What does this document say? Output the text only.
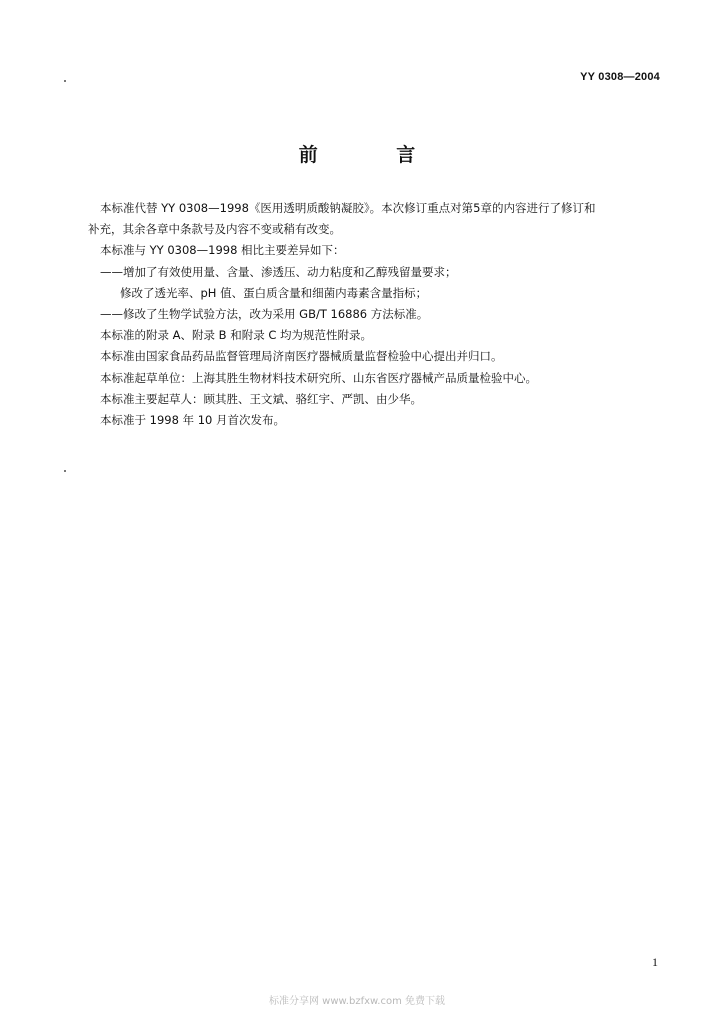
YY 0308—2004
前 言

本标准代替 YY 0308—1998《医用透明质酸钠凝胶》。本次修订重点对第5章的内容进行了修订和

补充，其余各章中条款号及内容不变或稍有改变。

本标准与 YY 0308—1998 相比主要差异如下：

——增加了有效使用量、含量、渗透压、动力粘度和乙醇残留量要求；

修改了透光率、pH 值、蛋白质含量和细菌内毒素含量指标；

——修改了生物学试验方法，改为采用 GB/T 16886 方法标准。

本标准的附录 A、附录 B 和附录 C 均为规范性附录。

本标准由国家食品药品监督管理局济南医疗器械质量监督检验中心提出并归口。

本标准起草单位：上海其胜生物材料技术研究所、山东省医疗器械产品质量检验中心。

本标准主要起草人：顾其胜、王文斌、骆红宇、严凯、由少华。

本标准于 1998 年 10 月首次发布。

1
标准分享网 www.bzfxw.com 免费下载
